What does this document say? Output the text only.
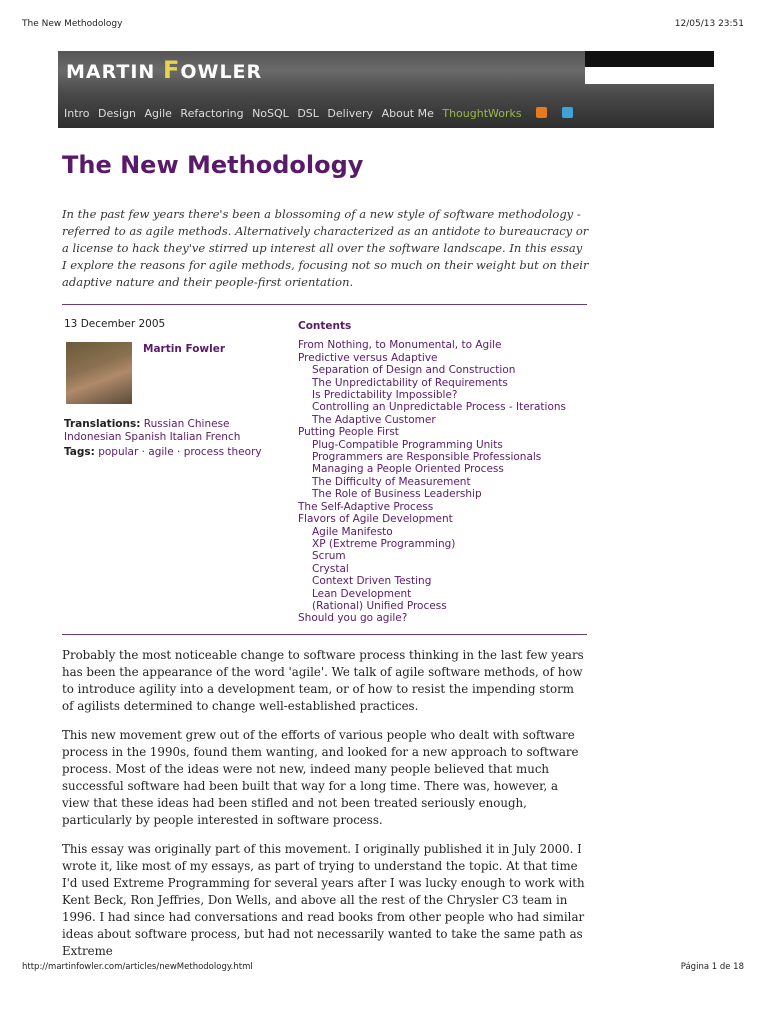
The New Methodology	12/05/13 23:51
MARTIN FOWLER
Intro Design Agile Refactoring NoSQL DSL Delivery About Me ThoughtWorks
The New Methodology

In the past few years there's been a blossoming of a new style of software methodology - referred to as agile methods. Alternatively characterized as an antidote to bureaucracy or a license to hack they've stirred up interest all over the software landscape. In this essay I explore the reasons for agile methods, focusing not so much on their weight but on their adaptive nature and their people-first orientation.

13 December 2005
Martin Fowler
Translations: Russian Chinese Indonesian Spanish Italian French
Tags: popular · agile · process theory
Contents
From Nothing, to Monumental, to Agile
Predictive versus Adaptive
Separation of Design and Construction
The Unpredictability of Requirements
Is Predictability Impossible?
Controlling an Unpredictable Process - Iterations
The Adaptive Customer
Putting People First
Plug-Compatible Programming Units
Programmers are Responsible Professionals
Managing a People Oriented Process
The Difficulty of Measurement
The Role of Business Leadership
The Self-Adaptive Process
Flavors of Agile Development
Agile Manifesto
XP (Extreme Programming)
Scrum
Crystal
Context Driven Testing
Lean Development
(Rational) Unified Process
Should you go agile?

Probably the most noticeable change to software process thinking in the last few years has been the appearance of the word 'agile'. We talk of agile software methods, of how to introduce agility into a development team, or of how to resist the impending storm of agilists determined to change well-established practices.

This new movement grew out of the efforts of various people who dealt with software process in the 1990s, found them wanting, and looked for a new approach to software process. Most of the ideas were not new, indeed many people believed that much successful software had been built that way for a long time. There was, however, a view that these ideas had been stifled and not been treated seriously enough, particularly by people interested in software process.

This essay was originally part of this movement. I originally published it in July 2000. I wrote it, like most of my essays, as part of trying to understand the topic. At that time I'd used Extreme Programming for several years after I was lucky enough to work with Kent Beck, Ron Jeffries, Don Wells, and above all the rest of the Chrysler C3 team in 1996. I had since had conversations and read books from other people who had similar ideas about software process, but had not necessarily wanted to take the same path as Extreme

http://martinfowler.com/articles/newMethodology.html	Página 1 de 18
